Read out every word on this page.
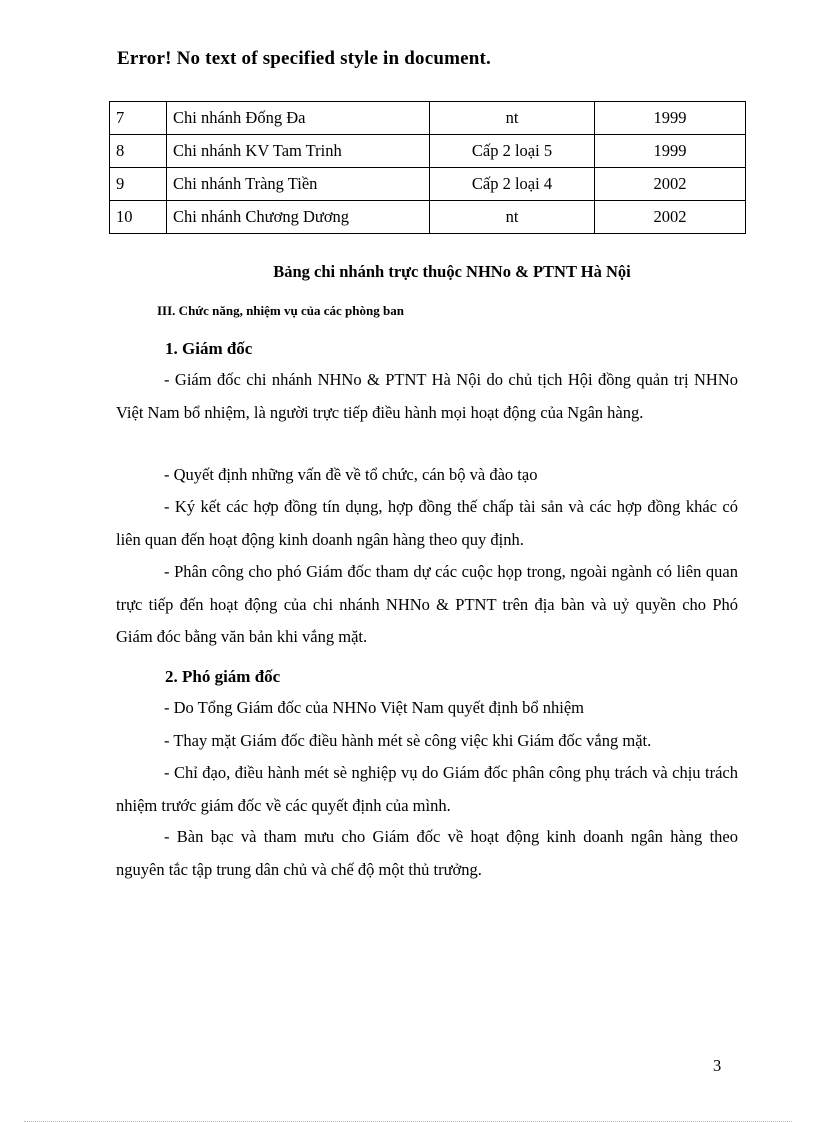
Error! No text of specified style in document.
7	Chi nhánh Đống Đa	nt	1999
8	Chi nhánh KV Tam Trinh	Cấp 2 loại 5	1999
9	Chi nhánh Tràng Tiền	Cấp 2 loại 4	2002
10	Chi nhánh Chương Dương	nt	2002
Bảng chi nhánh trực thuộc NHNo & PTNT Hà Nội
III. Chức năng, nhiệm vụ của các phòng ban
1. Giám đốc
- Giám đốc chi nhánh NHNo & PTNT Hà Nội do chủ tịch Hội đồng quản trị NHNo Việt Nam bổ nhiệm, là người trực tiếp điều hành mọi hoạt động của Ngân hàng.
- Quyết định những vấn đề về tổ chức, cán bộ và đào tạo
- Ký kết các hợp đồng tín dụng, hợp đồng thế chấp tài sản và các hợp đồng khác có liên quan đến hoạt động kinh doanh ngân hàng theo quy định.
- Phân công cho phó Giám đốc tham dự các cuộc họp trong, ngoài ngành có liên quan trực tiếp đến hoạt động của chi nhánh NHNo & PTNT trên địa bàn và uỷ quyền cho Phó Giám đóc bằng văn bản khi vắng mặt.
2. Phó giám đốc
- Do Tổng Giám đốc của NHNo Việt Nam quyết định bổ nhiệm
- Thay mặt Giám đốc điều hành mét sè công việc khi Giám đốc vắng mặt.
- Chỉ đạo, điều hành mét sè nghiệp vụ do Giám đốc phân công phụ trách và chịu trách nhiệm trước giám đốc về các quyết định của mình.
- Bàn bạc và tham mưu cho Giám đốc về hoạt động kinh doanh ngân hàng theo nguyên tắc tập trung dân chủ và chế độ một thủ trưởng.
3
